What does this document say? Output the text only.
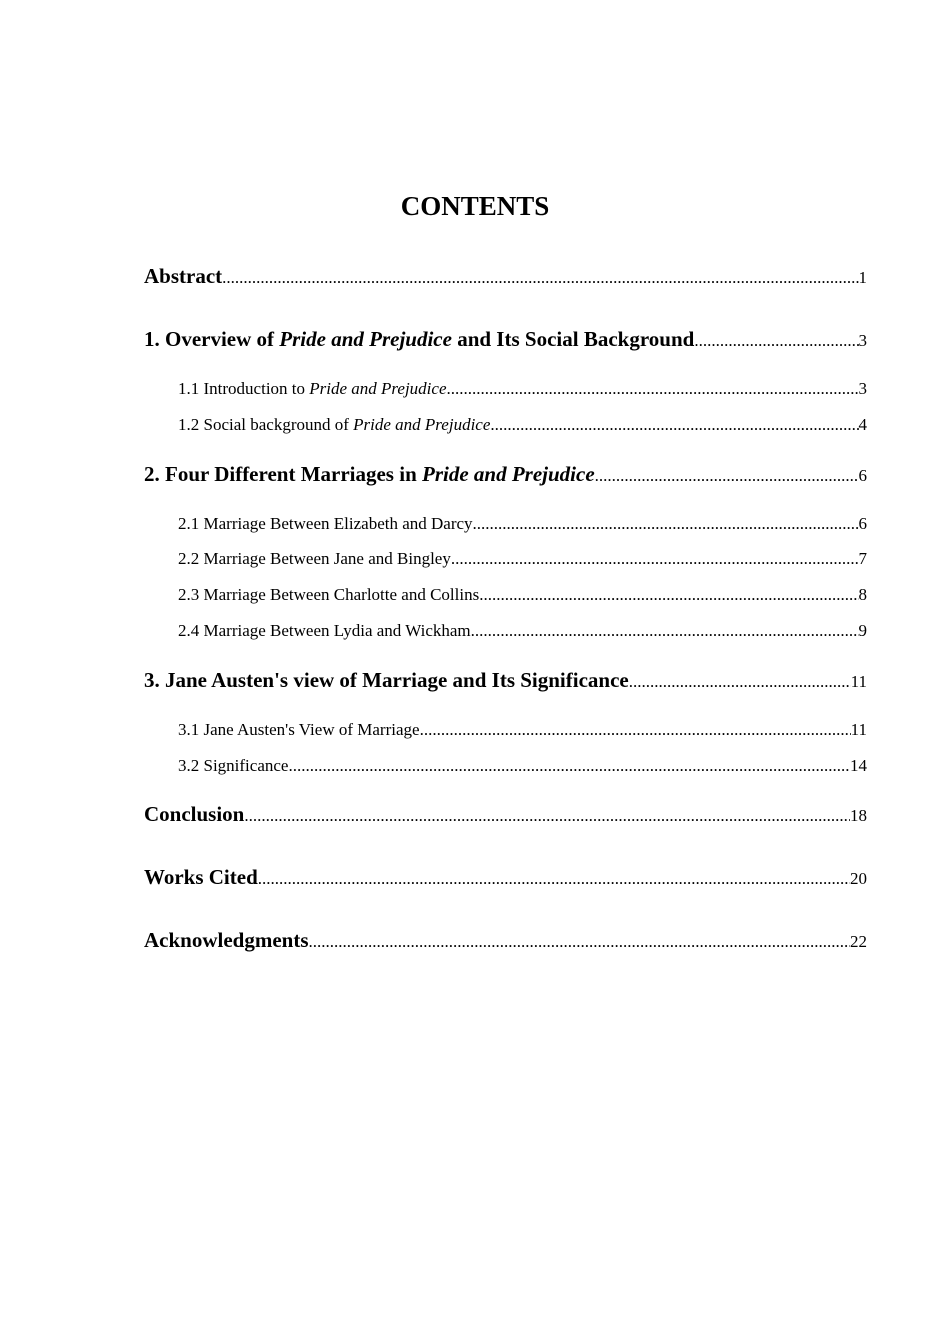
CONTENTS
Abstract .....	1
1. Overview of Pride and Prejudice and Its Social Background .....	3
1.1 Introduction to Pride and Prejudice .....	3
1.2 Social background of Pride and Prejudice .....	4
2. Four Different Marriages in Pride and Prejudice .....	6
2.1 Marriage Between Elizabeth and Darcy .....	6
2.2 Marriage Between Jane and Bingley .....	7
2.3 Marriage Between Charlotte and Collins .....	8
2.4 Marriage Between Lydia and Wickham .....	9
3. Jane Austen's view of Marriage and Its Significance .....	11
3.1 Jane Austen's View of Marriage .....	11
3.2 Significance .....	14
Conclusion .....	18
Works Cited .....	20
Acknowledgments .....	22
